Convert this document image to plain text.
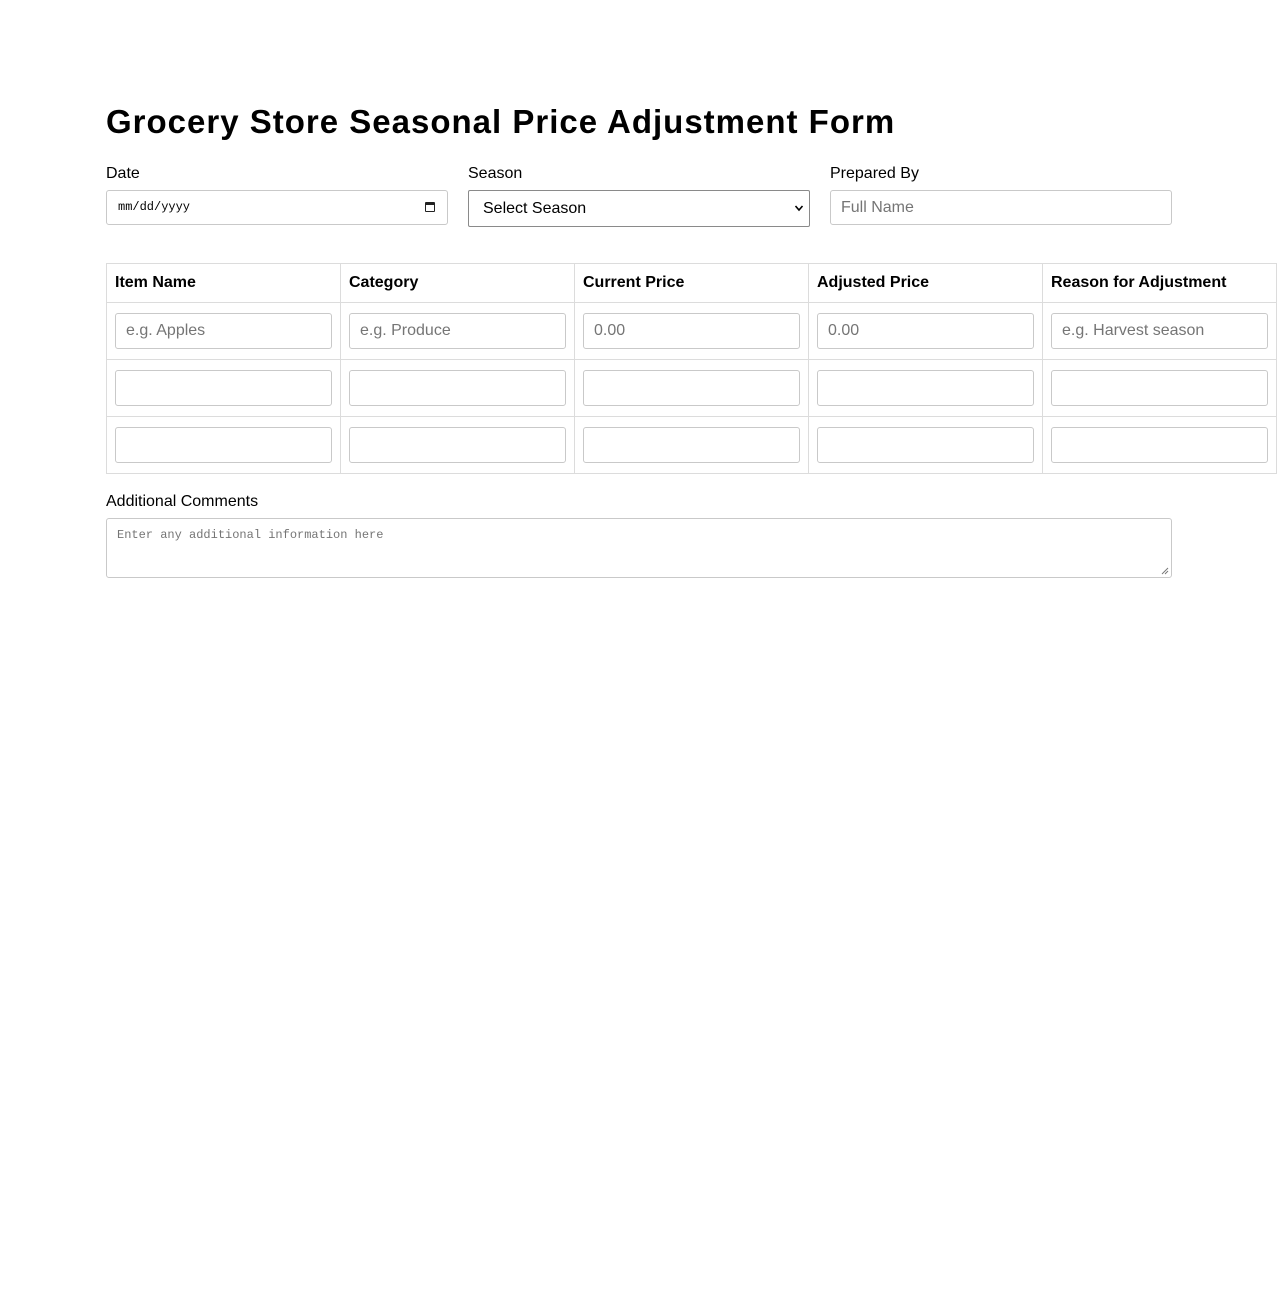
Grocery Store Seasonal Price Adjustment Form
Date
mm/dd/yyyy
Season
Select Season
Prepared By
Full Name
Item Name	Category	Current Price	Adjusted Price	Reason for Adjustment

e.g. Apples	e.g. Produce	0.00	0.00	e.g. Harvest season

Additional Comments
Enter any additional information here
